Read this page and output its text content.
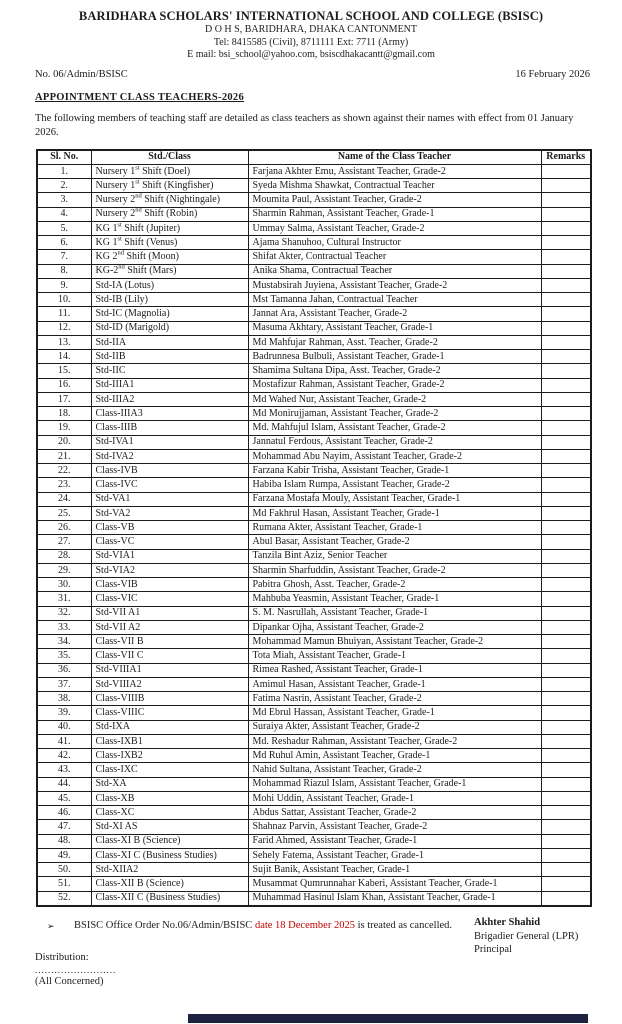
BARIDHARA SCHOLARS' INTERNATIONAL SCHOOL AND COLLEGE (BSISC)
D O H S, BARIDHARA, DHAKA CANTONMENT
Tel: 8415585 (Civil), 8711111 Ext: 7711 (Army)
E mail: bsi_school@yahoo.com, bsiscdhakacantt@gmail.com
No. 06/Admin/BSISC	16 February 2026
APPOINTMENT CLASS TEACHERS-2026
The following members of teaching staff are detailed as class teachers as shown against their names with effect from 01 January 2026.
Sl. No.	Std./Class	Name of the Class Teacher	Remarks
1.	Nursery 1st Shift (Doel)	Farjana Akhter Emu, Assistant Teacher, Grade-2	
2.	Nursery 1st Shift (Kingfisher)	Syeda Mishma Shawkat, Contractual Teacher	
3.	Nursery 2nd Shift (Nightingale)	Moumita Paul, Assistant Teacher, Grade-2	
4.	Nursery 2nd Shift (Robin)	Sharmin Rahman, Assistant Teacher, Grade-1	
5.	KG 1st Shift (Jupiter)	Ummay Salma, Assistant Teacher, Grade-2	
6.	KG 1st Shift (Venus)	Ajama Shanuhoo, Cultural Instructor	
7.	KG 2nd Shift (Moon)	Shifat Akter, Contractual Teacher	
8.	KG-2nd Shift (Mars)	Anika Shama, Contractual Teacher	
9.	Std-IA (Lotus)	Mustabsirah Juyiena, Assistant Teacher, Grade-2	
10.	Std-IB (Lily)	Mst Tamanna Jahan, Contractual Teacher	
11.	Std-IC (Magnolia)	Jannat Ara, Assistant Teacher, Grade-2	
12.	Std-ID (Marigold)	Masuma Akhtary, Assistant Teacher, Grade-1	
13.	Std-IIA	Md Mahfujar Rahman, Asst. Teacher, Grade-2	
14.	Std-IIB	Badrunnesa Bulbuli, Assistant Teacher, Grade-1	
15.	Std-IIC	Shamima Sultana Dipa, Asst. Teacher, Grade-2	
16.	Std-IIIA1	Mostafizur Rahman, Assistant Teacher, Grade-2	
17.	Std-IIIA2	Md Wahed Nur, Assistant Teacher, Grade-2	
18.	Class-IIIA3	Md Monirujjaman, Assistant Teacher, Grade-2	
19.	Class-IIIB	Md. Mahfujul Islam, Assistant Teacher, Grade-2	
20.	Std-IVA1	Jannatul Ferdous, Assistant Teacher, Grade-2	
21.	Std-IVA2	Mohammad Abu Nayim, Assistant Teacher, Grade-2	
22.	Class-IVB	Farzana Kabir Trisha, Assistant Teacher, Grade-1	
23.	Class-IVC	Habiba Islam Rumpa, Assistant Teacher, Grade-2	
24.	Std-VA1	Farzana Mostafa Mouly, Assistant Teacher, Grade-1	
25.	Std-VA2	Md Fakhrul Hasan, Assistant Teacher, Grade-1	
26.	Class-VB	Rumana Akter, Assistant Teacher, Grade-1	
27.	Class-VC	Abul Basar, Assistant Teacher, Grade-2	
28.	Std-VIA1	Tanzila Bint Aziz, Senior Teacher	
29.	Std-VIA2	Sharmin Sharfuddin, Assistant Teacher, Grade-2	
30.	Class-VIB	Pabitra Ghosh, Asst. Teacher, Grade-2	
31.	Class-VIC	Mahbuba Yeasmin, Assistant Teacher, Grade-1	
32.	Std-VII A1	S. M. Nasrullah, Assistant Teacher, Grade-1	
33.	Std-VII A2	Dipankar Ojha, Assistant Teacher, Grade-2	
34.	Class-VII B	Mohammad Mamun Bhuiyan, Assistant Teacher, Grade-2	
35.	Class-VII C	Tota Miah, Assistant Teacher, Grade-1	
36.	Std-VIIIA1	Rimea Rashed, Assistant Teacher, Grade-1	
37.	Std-VIIIA2	Amimul Hasan, Assistant Teacher, Grade-1	
38.	Class-VIIIB	Fatima Nasrin, Assistant Teacher, Grade-2	
39.	Class-VIIIC	Md Ebrul Hassan, Assistant Teacher, Grade-1	
40.	Std-IXA	Suraiya Akter, Assistant Teacher, Grade-2	
41.	Class-IXB1	Md. Reshadur Rahman, Assistant Teacher, Grade-2	
42.	Class-IXB2	Md Ruhul Amin, Assistant Teacher, Grade-1	
43.	Class-IXC	Nahid Sultana, Assistant Teacher, Grade-2	
44.	Std-XA	Mohammad Riazul Islam, Assistant Teacher, Grade-1	
45.	Class-XB	Mohi Uddin, Assistant Teacher, Grade-1	
46.	Class-XC	Abdus Sattar, Assistant Teacher, Grade-2	
47.	Std-XI AS	Shahnaz Parvin, Assistant Teacher, Grade-2	
48.	Class-XI B (Science)	Farid Ahmed, Assistant Teacher, Grade-1	
49.	Class-XI C (Business Studies)	Sehely Fatema, Assistant Teacher, Grade-1	
50.	Std-XIIA2	Sujit Banik, Assistant Teacher, Grade-1	
51.	Class-XII B (Science)	Musammat Qumrunnahar Kaberi, Assistant Teacher, Grade-1	
52.	Class-XII C (Business Studies)	Muhammad Hasinul Islam Khan, Assistant Teacher, Grade-1	
➢	BSISC Office Order No.06/Admin/BSISC date 18 December 2025 is treated as cancelled. Akhter Shahid
Brigadier General (LPR)
Principal
Distribution:
.........................
(All Concerned)
